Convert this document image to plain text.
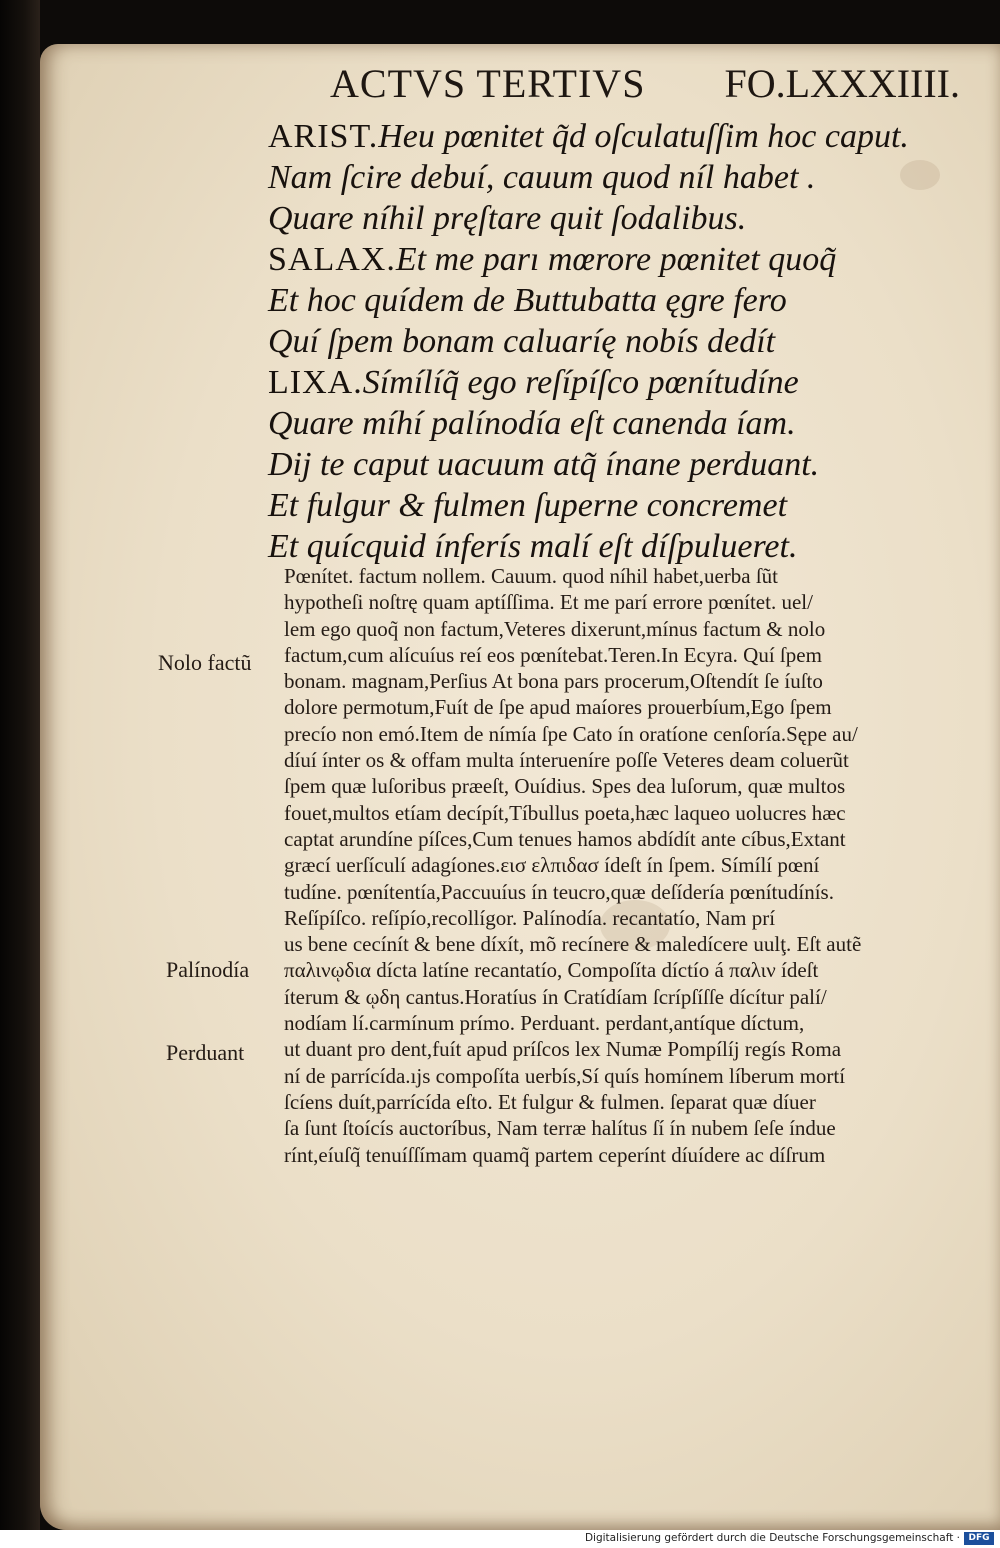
ACTVS TERTIVS FO.LXXXIIII.
ARIST.Heu pœnitet q̃d oſculatuſſim hoc caput.
Nam ſcire debuí, cauum quod níl habet .
Quare níhil pręſtare quit ſodalibus.
SALAX.Et me parı mœrore pœnitet quoq̃
Et hoc quídem de Buttubatta ęgre fero
Quí ſpem bonam caluaríę nobís dedít
LIXA.Símílíq̃ ego reſípíſco pœnítudíne
Quare míhí palínodía eſt canenda íam.
Dij te caput uacuum atq̃ ínane perduant.
Et fulgur & fulmen ſuperne concremet
Et quícquid ínferís malí eſt díſpulueret.
Pœnítet. factum nollem. Cauum. quod níhil habet,uerba ſũt
hypotheſi noſtrę quam aptíſſima. Et me parí errore pœnítet. uel/
lem ego quoq̃ non factum,Veteres dixerunt,mínus factum & nolo
factum,cum alícuíus reí eos pœnítebat.Teren.In Ecyra. Quí ſpem
bonam. magnam,Perſius At bona pars procerum,Oſtendít ſe íuſto
dolore permotum,Fuít de ſpe apud maíores prouerbíum,Ego ſpem
precío non emó.Item de nímía ſpe Cato ín oratíone cenſoría.Sępe au/
díuí ínter os & offam multa ínterueníre poſſe Veteres deam coluerũt
ſpem quæ luſoribus præeſt, Ouídius. Spes dea luſorum, quæ multos
fouet,multos etíam decípít,Tíbullus poeta,hæc laqueo uolucres hæc
captat arundíne píſces,Cum tenues hamos abdídít ante cíbus,Extant
græcí uerſículí adagíones.εισ ελπιδασ ídeſt ín ſpem. Símílí pœní
tudíne. pœnítentía,Paccuuíus ín teucro,quæ deſídería pœnítudínís.
Reſípíſco. reſípío,recollígor. Palínodía. recantatío, Nam prí
us bene cecínít & bene díxít, mõ recínere & maledícere uulţ. Eſt autẽ
παλινῳδια dícta latíne recantatío, Compoſíta díctío á παλιν ídeſt
íterum & ῳδη cantus.Horatíus ín Cratídíam ſcrípſíſſe dícítur palí/
nodíam lí.carmínum prímo. Perduant. perdant,antíque díctum,
ut duant pro dent,fuít apud príſcos lex Numæ Pompílíj regís Roma
ní de parrícída.ıjs compoſíta uerbís,Sí quís homínem líberum mortí
ſcíens duít,parrícída eſto. Et fulgur & fulmen. ſeparat quæ díuer
ſa ſunt ſtoícís auctoríbus, Nam terræ halítus ſí ín nubem ſeſe índue
rínt,eíuſq̃ tenuíſſímam quamq̃ partem ceperínt díuídere ac díſrum
Nolo factũ
Palínodía
Perduant
Digitalisierung gefördert durch die Deutsche Forschungsgemeinschaft · DFG
